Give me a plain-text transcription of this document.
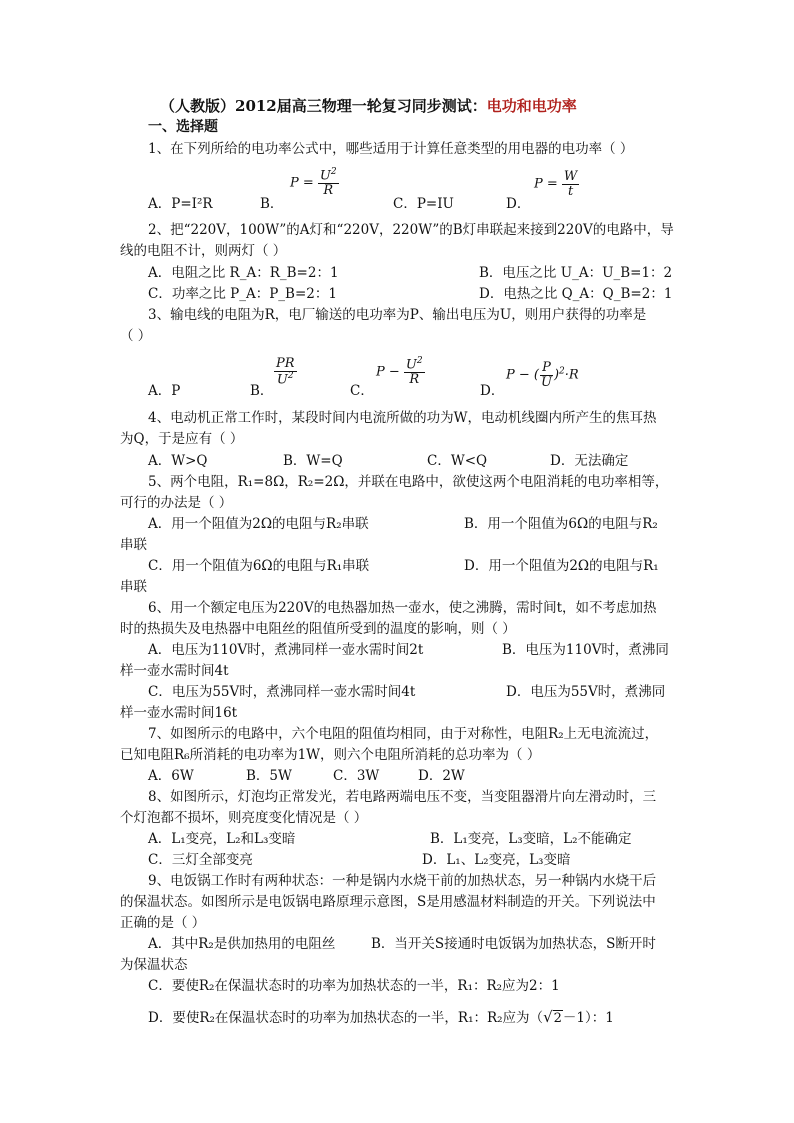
（人教版）2012届高三物理一轮复习同步测试：电功和电功率
一、选择题
1、在下列所给的电功率公式中，哪些适用于计算任意类型的用电器的电功率（ ）
A．P=I²R	B．
$P = \frac{U^2}{R}$
C．P=IU	D．
$P = \frac{W}{t}$
2、把“220V，100W”的A灯和“220V，220W”的B灯串联起来接到220V的电路中，导
线的电阻不计，则两灯（ ）
A．电阻之比 R_A：R_B=2：1	B．电压之比 U_A：U_B=1：2
C．功率之比 P_A：P_B=2：1	D．电热之比 Q_A：Q_B=2：1
3、输电线的电阻为R，电厂输送的电功率为P、输出电压为U，则用户获得的功率是
（ ）
A．P	B．
$\frac{PR}{U^2}$
C．
$P - \frac{U^2}{R}$
D．
P − ( $\frac{P}{U} )^2\cdot R$
4、电动机正常工作时，某段时间内电流所做的功为W，电动机线圈内所产生的焦耳热
为Q，于是应有（ ）
A．W>Q	B．W=Q	C．W<Q	D．无法确定
5、两个电阻，R₁=8Ω，R₂=2Ω，并联在电路中，欲使这两个电阻消耗的电功率相等，
可行的办法是（ ）
A．用一个阻值为2Ω的电阻与R₂串联	B．用一个阻值为6Ω的电阻与R₂
串联
C．用一个阻值为6Ω的电阻与R₁串联	D．用一个阻值为2Ω的电阻与R₁
串联
6、用一个额定电压为220V的电热器加热一壶水，使之沸腾，需时间t，如不考虑加热
时的热损失及电热器中电阻丝的阻值所受到的温度的影响，则（ ）
A．电压为110V时，煮沸同样一壶水需时间2t	B．电压为110V时，煮沸同
样一壶水需时间4t
C．电压为55V时，煮沸同样一壶水需时间4t	D．电压为55V时，煮沸同
样一壶水需时间16t
7、如图所示的电路中，六个电阻的阻值均相同，由于对称性，电阻R₂上无电流流过，
已知电阻R₆所消耗的电功率为1W，则六个电阻所消耗的总功率为（ ）
A．6W	B．5W	C．3W	D．2W
8、如图所示，灯泡均正常发光，若电路两端电压不变，当变阻器滑片向左滑动时，三
个灯泡都不损坏，则亮度变化情况是（ ）
A．L₁变亮，L₂和L₃变暗	B．L₁变亮，L₃变暗，L₂不能确定
C．三灯全部变亮	D．L₁、L₂变亮，L₃变暗
9、电饭锅工作时有两种状态：一种是锅内水烧干前的加热状态，另一种锅内水烧干后
的保温状态。如图所示是电饭锅电路原理示意图，S是用感温材料制造的开关。下列说法中
正确的是（ ）
A．其中R₂是供加热用的电阻丝	B．当开关S接通时电饭锅为加热状态，S断开时
为保温状态
C．要使R₂在保温状态时的功率为加热状态的一半，R₁：R₂应为2：1
D．要使R₂在保温状态时的功率为加热状态的一半，R₁：R₂应为（√2－1）：1
